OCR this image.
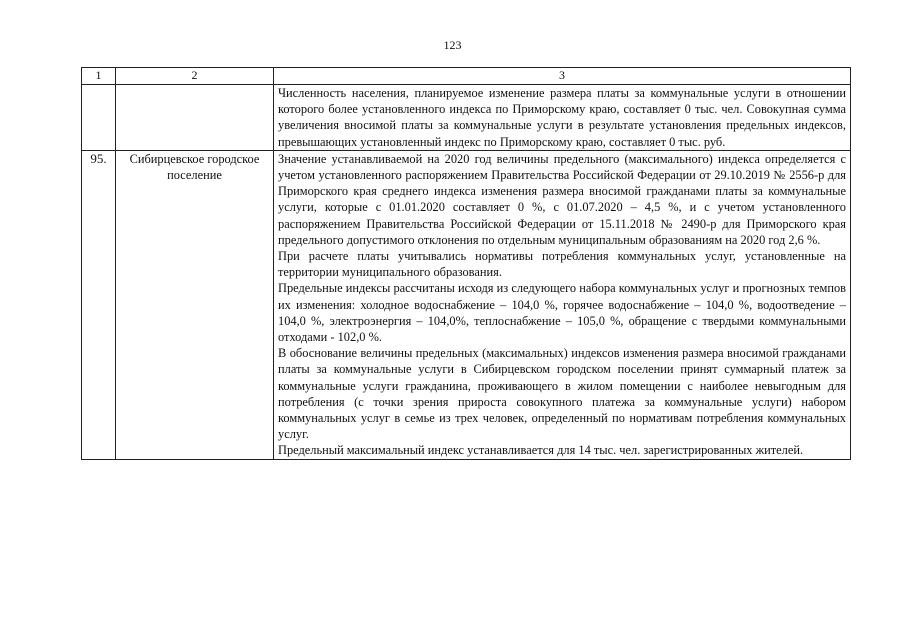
123
1	2	3

		Численность населения, планируемое изменение размера платы за коммунальные услуги в отношении которого более установленного индекса по Приморскому краю, составляет 0 тыс. чел. Совокупная сумма увеличения вносимой платы за коммунальные услуги в результате установления предельных индексов, превышающих установленный индекс по Приморскому краю, составляет 0 тыс. руб.

95.	Сибирцевское городское поселение	Значение устанавливаемой на 2020 год величины предельного (максимального) индекса определяется с учетом установленного распоряжением Правительства Российской Федерации от 29.10.2019 № 2556-р для Приморского края среднего индекса изменения размера вносимой гражданами платы за коммунальные услуги, которые с 01.01.2020 составляет 0 %, с 01.07.2020 – 4,5 %, и с учетом установленного распоряжением Правительства Российской Федерации от 15.11.2018 № 2490-р для Приморского края предельного допустимого отклонения по отдельным муниципальным образованиям на 2020 год 2,6 %.

При расчете платы учитывались нормативы потребления коммунальных услуг, установленные на территории муниципального образования.

Предельные индексы рассчитаны исходя из следующего набора коммунальных услуг и прогнозных темпов их изменения: холодное водоснабжение – 104,0 %, горячее водоснабжение – 104,0 %, водоотведение – 104,0 %, электроэнергия – 104,0%, теплоснабжение – 105,0 %, обращение с твердыми коммунальными отходами - 102,0 %.

В обоснование величины предельных (максимальных) индексов изменения размера вносимой гражданами платы за коммунальные услуги в Сибирцевском городском поселении принят суммарный платеж за коммунальные услуги гражданина, проживающего в жилом помещении с наиболее невыгодным для потребления (с точки зрения прироста совокупного платежа за коммунальные услуги) набором коммунальных услуг в семье из трех человек, определенный по нормативам потребления коммунальных услуг.

Предельный максимальный индекс устанавливается для 14 тыс. чел. зарегистрированных жителей.
